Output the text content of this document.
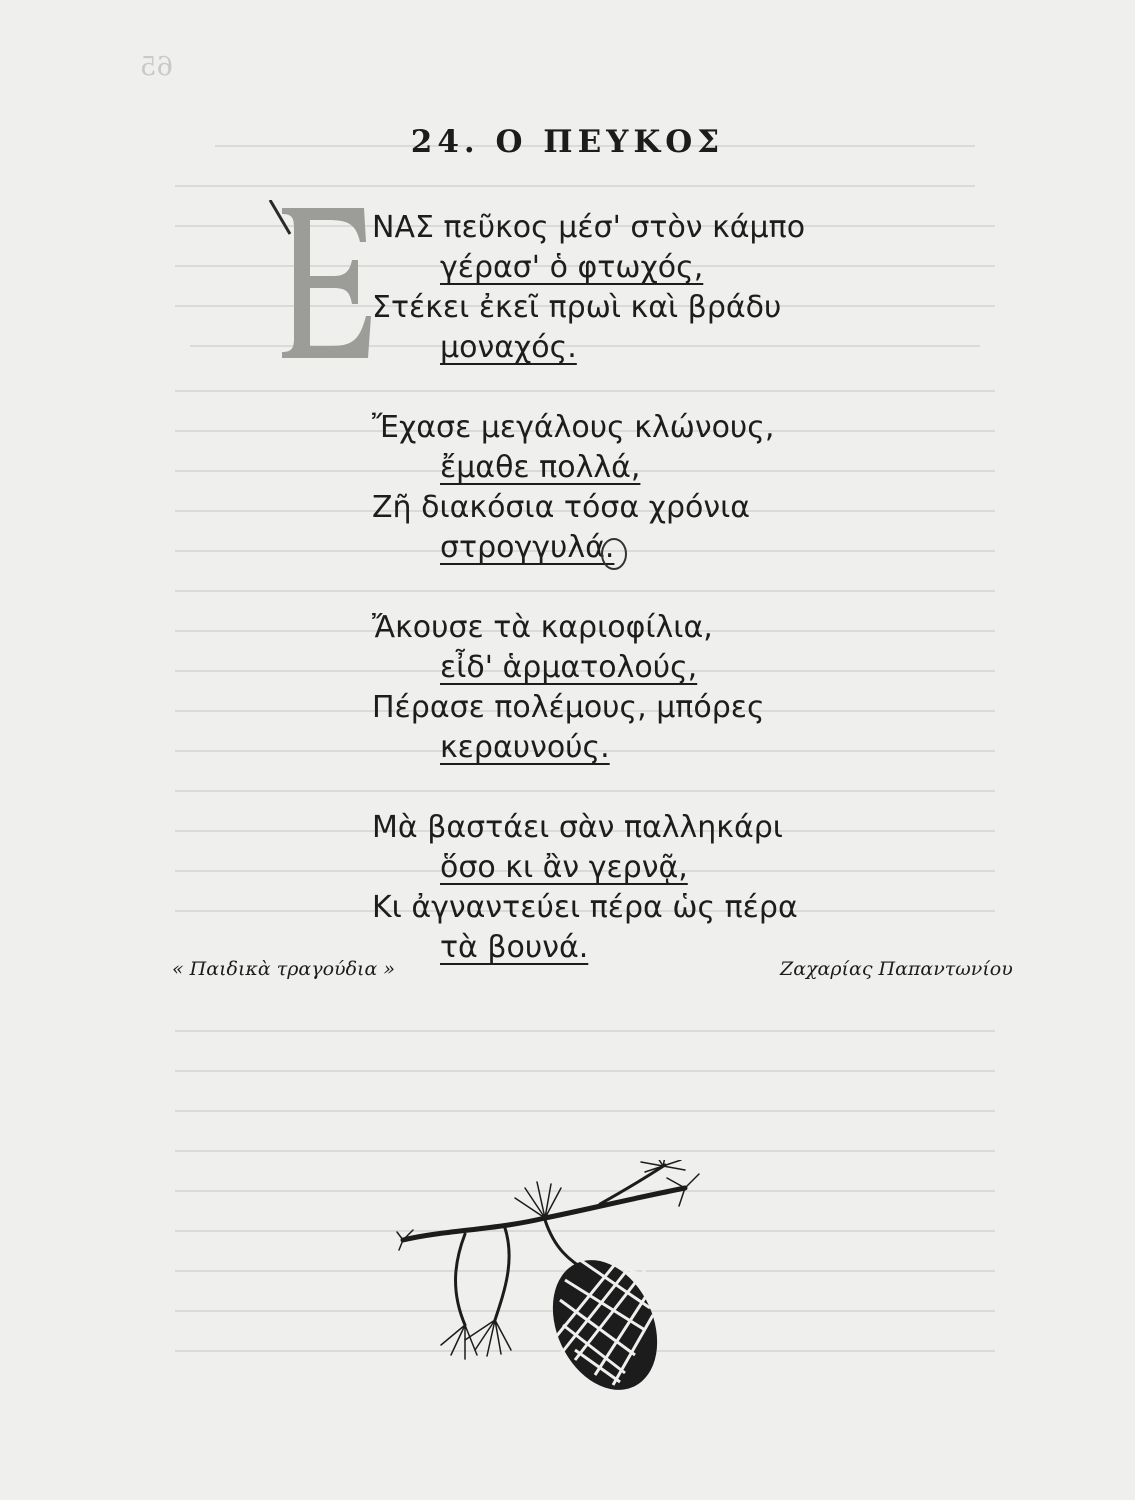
65
24. Ο ΠΕΥΚΟΣ
ΝΑΣ πεῦκος μέσ' στὸν κάμπο
γέρασ' ὁ φτωχός,
Στέκει ἐκεῖ πρωὶ καὶ βράδυ
μοναχός.
Ἔχασε μεγάλους κλώνους,
ἔμαθε πολλά,
Ζῆ διακόσια τόσα χρόνια
στρογγυλά.
Ἄκουσε τὰ καριοφίλια,
εἶδ' ἁρματολούς,
Πέρασε πολέμους, μπόρες
κεραυνούς.
Μὰ βαστάει σὰν παλληκάρι
ὅσο κι ἂν γερνᾷ,
Κι ἀγναντεύει πέρα ὡς πέρα
τὰ βουνά.
« Παιδικὰ τραγούδια »	Ζαχαρίας Παπαντωνίου
